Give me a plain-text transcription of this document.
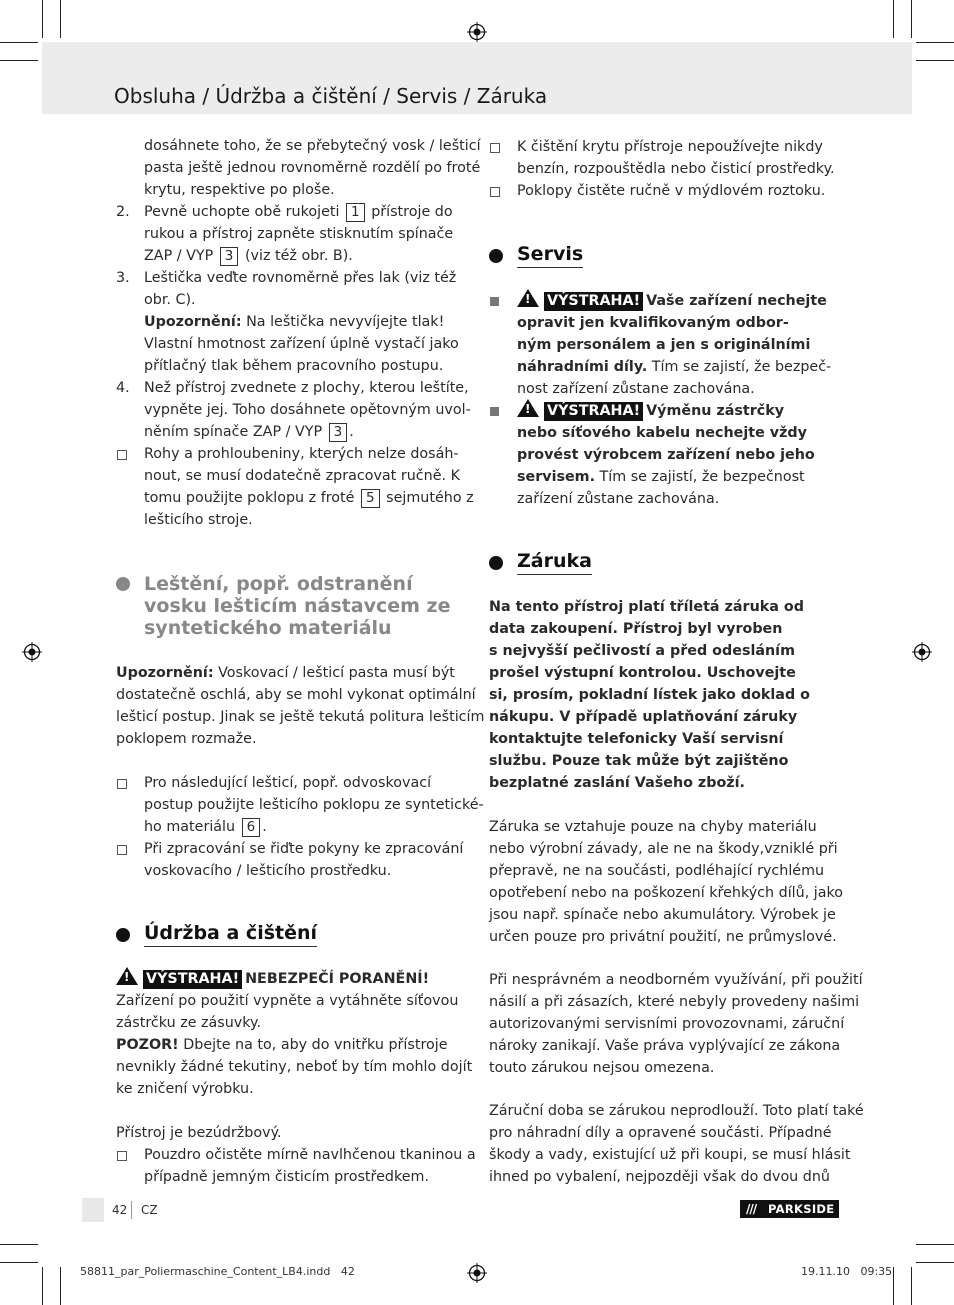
Obsluha / Údržba a čištění / Servis / Záruka
dosáhnete toho, že se přebytečný vosk / lešticí
pasta ještě jednou rovnoměrně rozdělí po froté
krytu, respektive po ploše.
2. Pevně uchopte obě rukojeti 1 přístroje do
rukou a přístroj zapněte stisknutím spínače
ZAP / VYP 3 (viz též obr. B).
3. Leštička veďte rovnoměrně přes lak (viz též
obr. C).
Upozornění: Na leštička nevyvíjejte tlak!
Vlastní hmotnost zařízení úplně vystačí jako
přítlačný tlak během pracovního postupu.
4. Než přístroj zvednete z plochy, kterou leštíte,
vypněte jej. Toho dosáhnete opětovným uvol-
něním spínače ZAP / VYP 3 .
Rohy a prohloubeniny, kterých nelze dosáh-
nout, se musí dodatečně zpracovat ručně. K
tomu použijte poklopu z froté 5 sejmutého z
lešticího stroje.
Leštění, popř. odstranění
vosku lešticím nástavcem ze
syntetického materiálu
Upozornění: Voskovací / lešticí pasta musí být
dostatečně oschlá, aby se mohl vykonat optimální
lešticí postup. Jinak se ještě tekutá politura lešticím
poklopem rozmaže.
Pro následující lešticí, popř. odvoskovací
postup použijte lešticího poklopu ze syntetické-
ho materiálu 6 .
Při zpracování se řiďte pokyny ke zpracování
voskovacího / lešticího prostředku.
Údržba a čištění
! VÝSTRAHA! NEBEZPEČÍ PORANĚNÍ!
Zařízení po použití vypněte a vytáhněte síťovou
zástrčku ze zásuvky.
POZOR! Dbejte na to, aby do vnitřku přístroje
nevnikly žádné tekutiny, neboť by tím mohlo dojít
ke zničení výrobku.
Přístroj je bezúdržbový.
Pouzdro očistěte mírně navlhčenou tkaninou a
případně jemným čisticím prostředkem.
K čištění krytu přístroje nepoužívejte nikdy
benzín, rozpouštědla nebo čisticí prostředky.
Poklopy čistěte ručně v mýdlovém roztoku.
Servis
! VÝSTRAHA! Vaše zařízení nechejte
opravit jen kvalifikovaným odbor-
ným personálem a jen s originálními
náhradními díly. Tím se zajistí, že bezpeč-
nost zařízení zůstane zachována.
! VÝSTRAHA! Výměnu zástrčky
nebo síťového kabelu nechejte vždy
provést výrobcem zařízení nebo jeho
servisem. Tím se zajistí, že bezpečnost
zařízení zůstane zachována.
Záruka
Na tento přístroj platí tříletá záruka od
data zakoupení. Přístroj byl vyroben
s nejvyšší pečlivostí a před odesláním
prošel výstupní kontrolou. Uschovejte
si, prosím, pokladní lístek jako doklad o
nákupu. V případě uplatňování záruky
kontaktujte telefonicky Vaší servisní
službu. Pouze tak může být zajištěno
bezplatné zaslání Vašeho zboží.
Záruka se vztahuje pouze na chyby materiálu
nebo výrobní závady, ale ne na škody,vzniklé při
přepravě, ne na součásti, podléhající rychlému
opotřebení nebo na poškození křehkých dílů, jako
jsou např. spínače nebo akumulátory. Výrobek je
určen pouze pro privátní použití, ne průmyslové.
Při nesprávném a neodborném využívání, při použití
násilí a při zásazích, které nebyly provedeny našimi
autorizovanými servisními provozovnami, záruční
nároky zanikají. Vaše práva vyplývající ze zákona
touto zárukou nejsou omezena.
Záruční doba se zárukou neprodlouží. Toto platí také
pro náhradní díly a opravené součásti. Případné
škody a vady, existující už při koupi, se musí hlásit
ihned po vybalení, nejpozději však do dvou dnů
42 CZ	/// PARKSIDE
58811_par_Poliermaschine_Content_LB4.indd   42	19.11.10   09:35
